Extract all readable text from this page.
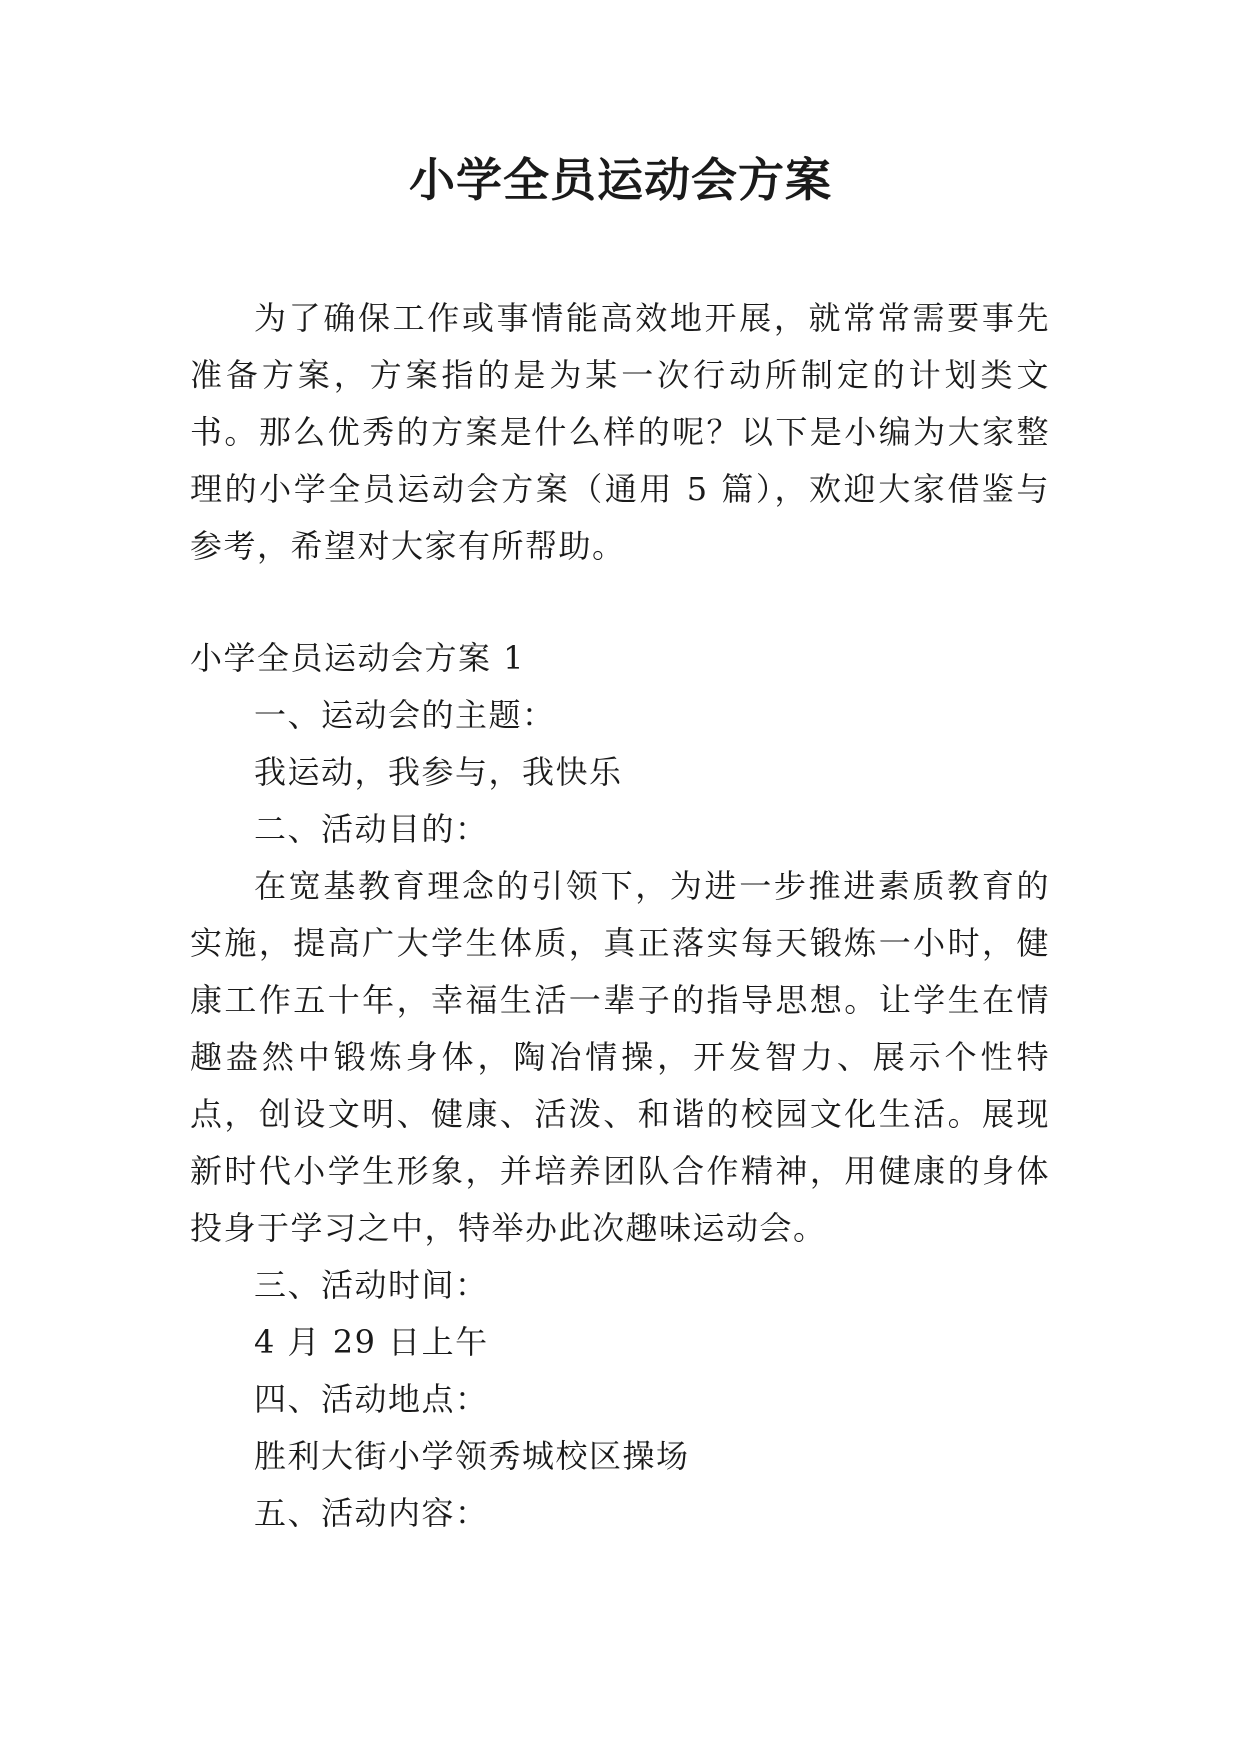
小学全员运动会方案

为了确保工作或事情能高效地开展，就常常需要事先准备方案，方案指的是为某一次行动所制定的计划类文书。那么优秀的方案是什么样的呢？以下是小编为大家整理的小学全员运动会方案（通用 5 篇），欢迎大家借鉴与参考，希望对大家有所帮助。

小学全员运动会方案 1

一、运动会的主题：

我运动，我参与，我快乐

二、活动目的：

在宽基教育理念的引领下，为进一步推进素质教育的实施，提高广大学生体质，真正落实每天锻炼一小时，健康工作五十年，幸福生活一辈子的指导思想。让学生在情趣盎然中锻炼身体，陶冶情操，开发智力、展示个性特点，创设文明、健康、活泼、和谐的校园文化生活。展现新时代小学生形象，并培养团队合作精神，用健康的身体投身于学习之中，特举办此次趣味运动会。

三、活动时间：

4 月 29 日上午

四、活动地点：

胜利大街小学领秀城校区操场

五、活动内容：
